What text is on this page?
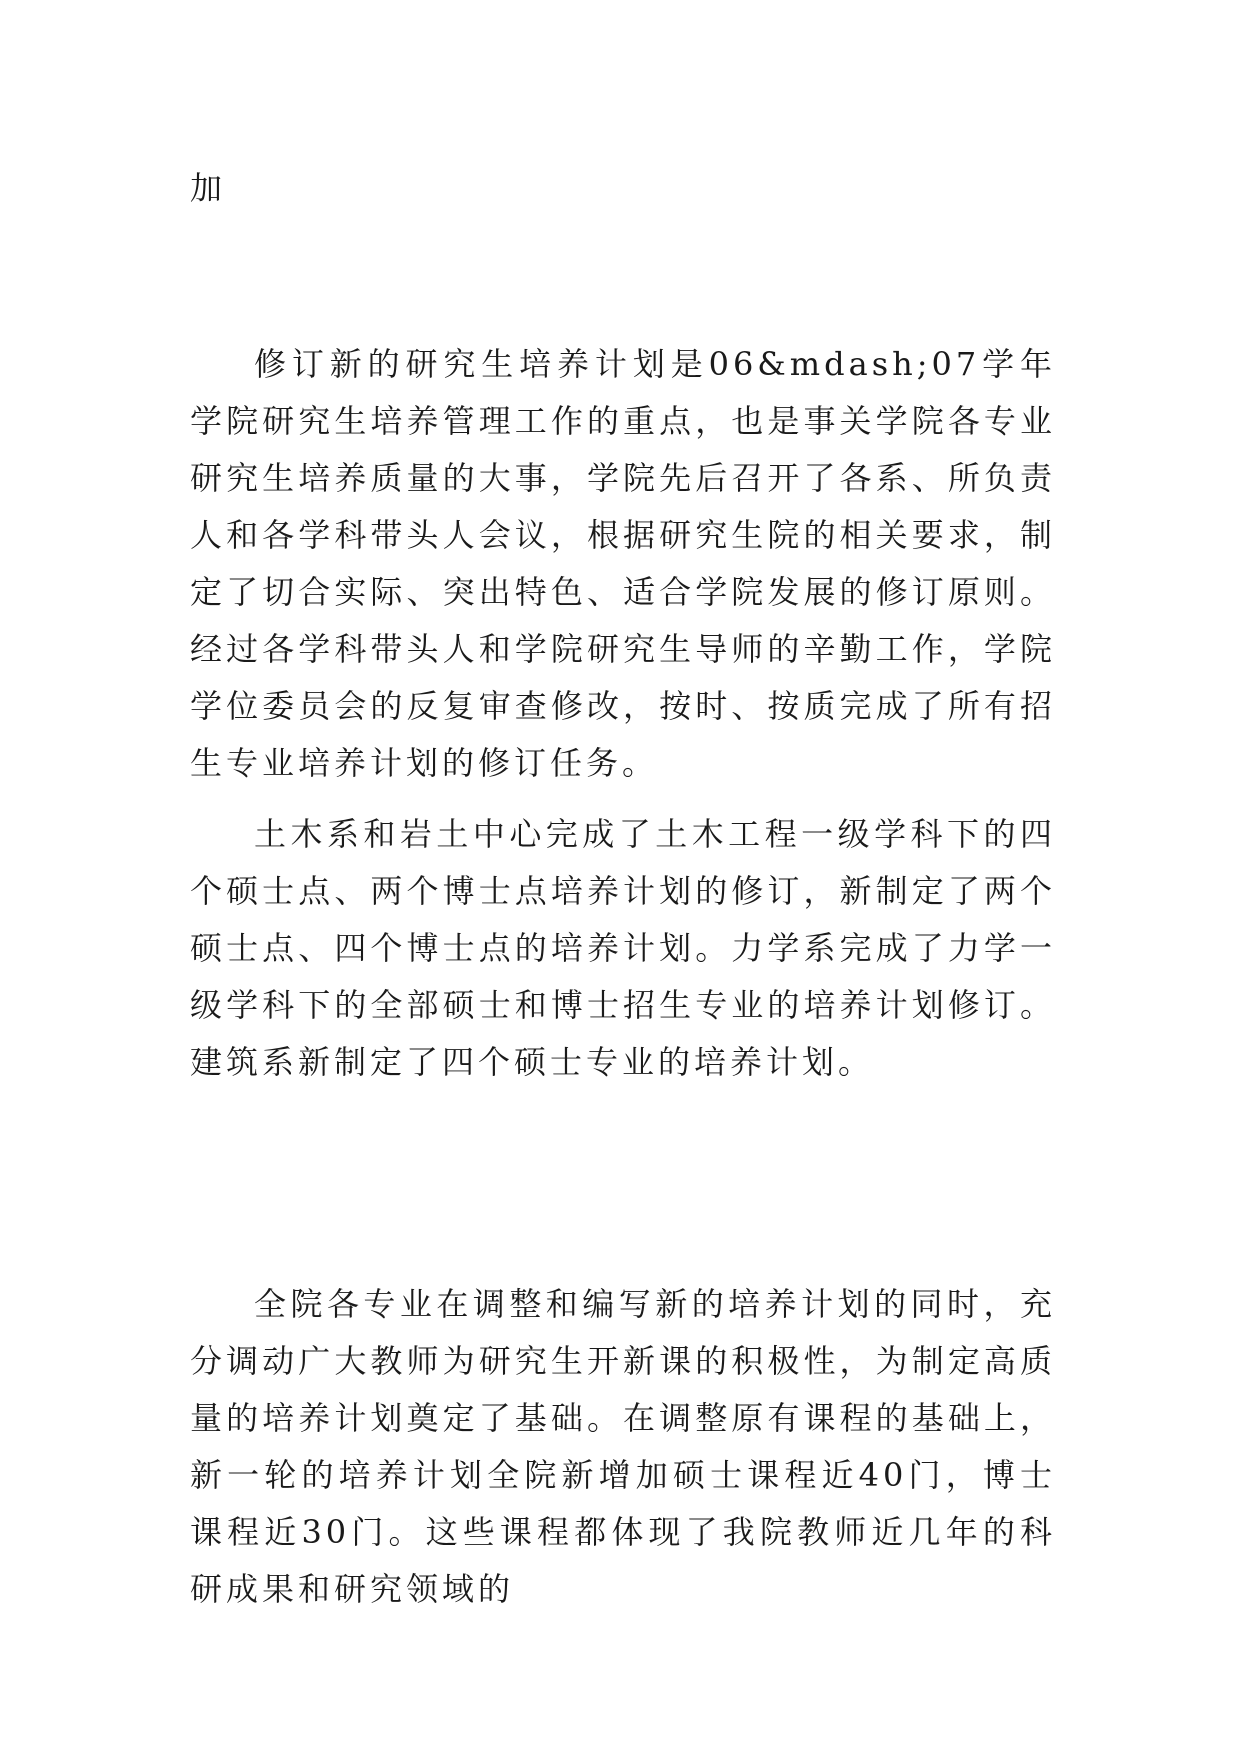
加

修订新的研究生培养计划是06&mdash;07学年学院研究生培养管理工作的重点，也是事关学院各专业研究生培养质量的大事，学院先后召开了各系、所负责人和各学科带头人会议，根据研究生院的相关要求，制定了切合实际、突出特色、适合学院发展的修订原则。经过各学科带头人和学院研究生导师的辛勤工作，学院学位委员会的反复审查修改，按时、按质完成了所有招生专业培养计划的修订任务。

土木系和岩土中心完成了土木工程一级学科下的四个硕士点、两个博士点培养计划的修订，新制定了两个硕士点、四个博士点的培养计划。力学系完成了力学一级学科下的全部硕士和博士招生专业的培养计划修订。建筑系新制定了四个硕士专业的培养计划。

全院各专业在调整和编写新的培养计划的同时，充分调动广大教师为研究生开新课的积极性，为制定高质量的培养计划奠定了基础。在调整原有课程的基础上，新一轮的培养计划全院新增加硕士课程近40门，博士课程近30门。这些课程都体现了我院教师近几年的科研成果和研究领域的
